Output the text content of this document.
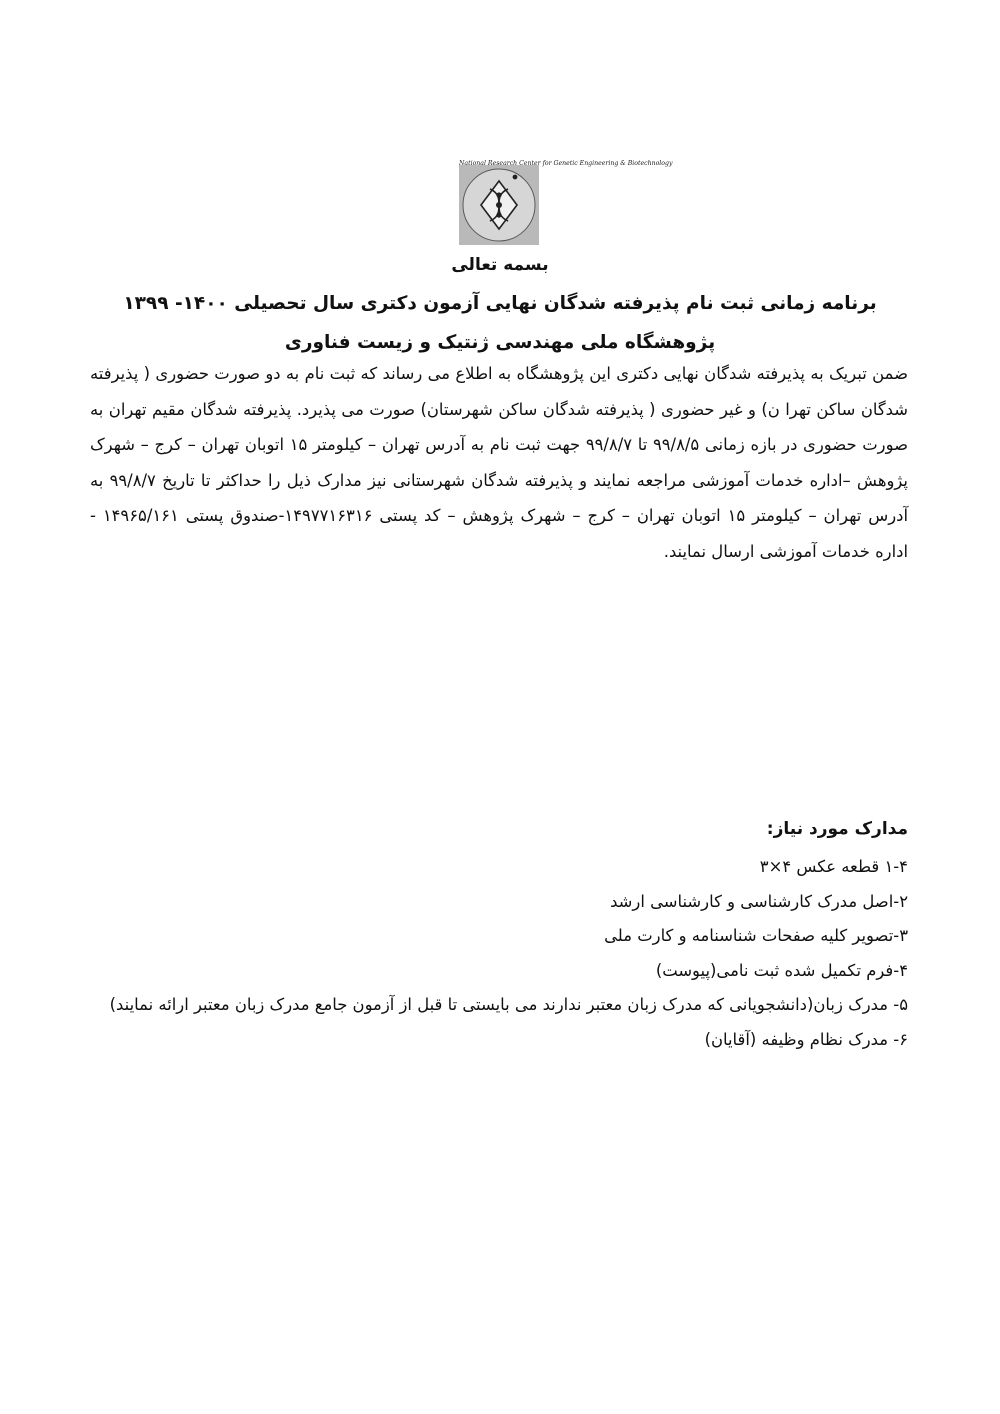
National Research Center for Genetic Engineering & Biotechnology
بسمه تعالی
برنامه زمانی ثبت نام پذیرفته شدگان نهایی آزمون دکتری سال تحصیلی ۱۴۰۰- ۱۳۹۹ پژوهشگاه ملی مهندسی ژنتیک و زیست فناوری

ضمن تبریک به پذیرفته شدگان نهایی دکتری این پژوهشگاه به اطلاع می رساند که ثبت نام به دو صورت حضوری ( پذیرفته شدگان ساکن تهرا ن) و غیر حضوری ( پذیرفته شدگان ساکن شهرستان) صورت می پذیرد. پذیرفته شدگان مقیم تهران به صورت حضوری در بازه زمانی ۹۹/۸/۵ تا ۹۹/۸/۷ جهت ثبت نام به آدرس تهران – کیلومتر ۱۵ اتوبان تهران – کرج – شهرک پژوهش –اداره خدمات آموزشی مراجعه نمایند و پذیرفته شدگان شهرستانی نیز مدارک ذیل را حداکثر تا تاریخ ۹۹/۸/۷ به آدرس تهران – کیلومتر ۱۵ اتوبان تهران – کرج – شهرک پژوهش – کد پستی ۱۴۹۷۷۱۶۳۱۶-صندوق پستی ۱۴۹۶۵/۱۶۱ - اداره خدمات آموزشی ارسال نمایند.

مدارک مورد نیاز:
۱-۴ قطعه عکس ۴×۳
۲-اصل مدرک کارشناسی و کارشناسی ارشد
۳-تصویر کلیه صفحات شناسنامه و کارت ملی
۴-فرم تکمیل شده ثبت نامی(پیوست)
۵- مدرک زبان(دانشجویانی که مدرک زبان معتبر ندارند می بایستی تا قبل از آزمون جامع مدرک زبان معتبر ارائه نمایند)
۶- مدرک نظام وظیفه (آقایان)
